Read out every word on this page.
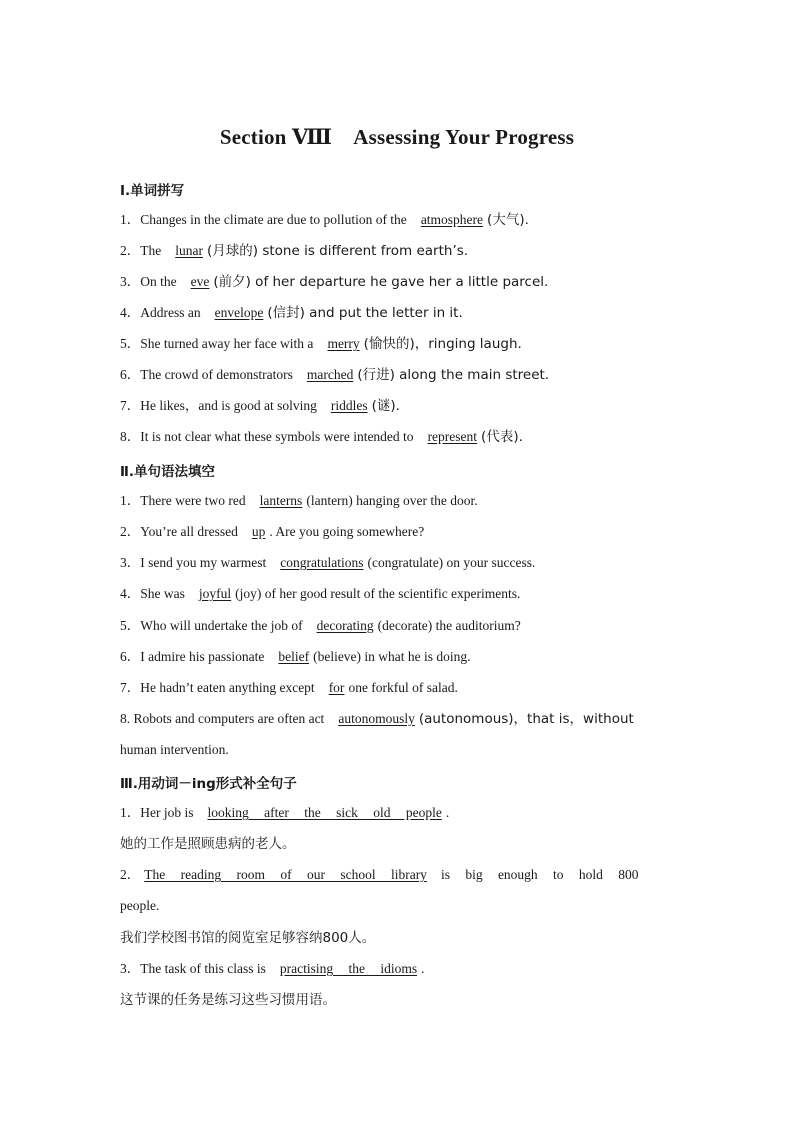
Section Ⅷ　Assessing Your Progress
Ⅰ.单词拼写
1．Changes in the climate are due to pollution of the atmosphere (大气).
2．The lunar (月球的) stone is different from earth’s.
3．On the eve (前夕) of her departure he gave her a little parcel.
4．Address an envelope (信封) and put the letter in it.
5．She turned away her face with a merry (愉快的)，ringing laugh.
6．The crowd of demonstrators marched (行进) along the main street.
7．He likes，and is good at solving riddles (谜).
8．It is not clear what these symbols were intended to represent (代表).
Ⅱ.单句语法填空
1．There were two red lanterns (lantern) hanging over the door.
2．You’re all dressed up . Are you going somewhere?
3．I send you my warmest congratulations (congratulate) on your success.
4．She was joyful (joy) of her good result of the scientific experiments.
5．Who will undertake the job of decorating (decorate) the auditorium?
6．I admire his passionate belief (believe) in what he is doing.
7．He hadn’t eaten anything except for one forkful of salad.
8. Robots and computers are often act autonomously (autonomous)，that is，without
human intervention.
Ⅲ.用动词－ing形式补全句子
1．Her job is looking after the sick old people .
她的工作是照顾患病的老人。
2． The reading room of our school library is big enough to hold 800
people.
我们学校图书馆的阅览室足够容纳800人。
3．The task of this class is practising the idioms .
这节课的任务是练习这些习惯用语。
